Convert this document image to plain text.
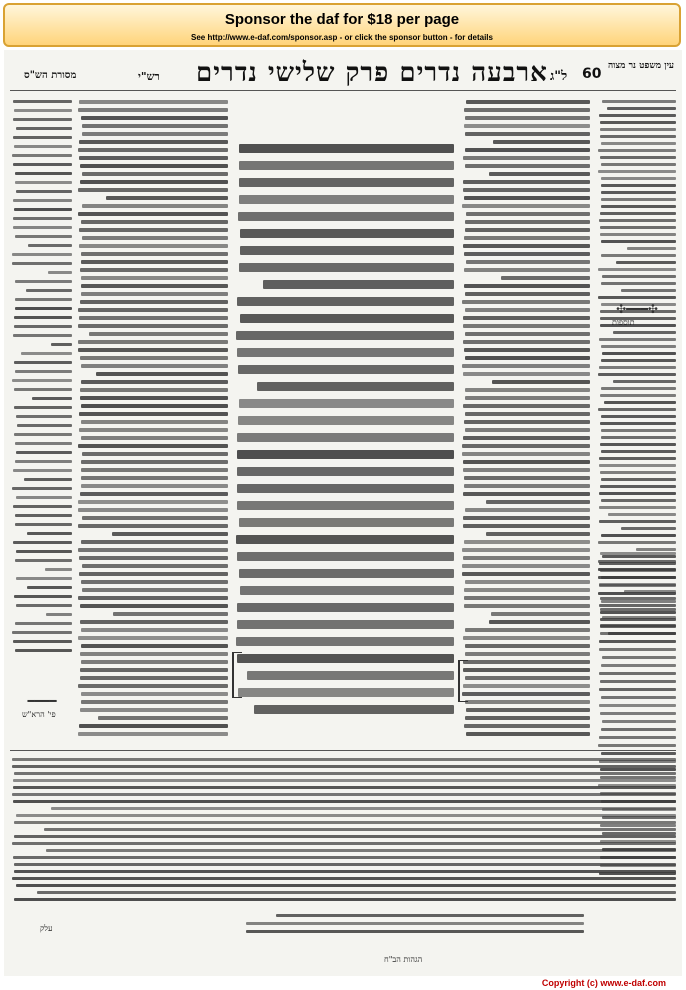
Sponsor the daf for $18 per page
See http://www.e-daf.com/sponsor.asp - or click the sponsor button - for details
60
ל"ג
ארבעה נדרים פרק שלישי נדרים
רש"י
מסורת הש"ס
עין משפט נר מצוה
✣━━━✣
תוספות
━━━━
פי' הרא"ש
עלק
הגהות הב"ח
Copyright (c) www.e-daf.com
